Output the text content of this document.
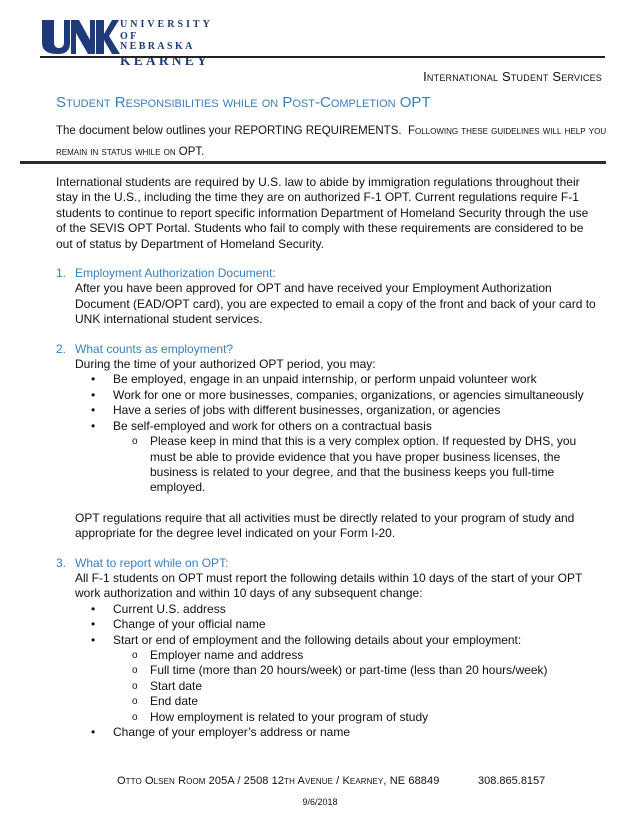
UNIVERSITY
OF NEBRASKA
KEARNEY
International Student Services
Student Responsibilities while on Post-Completion OPT
The document below outlines your REPORTING REQUIREMENTS. Following these guidelines will help you remain in status while on OPT.

International students are required by U.S. law to abide by immigration regulations throughout their stay in the U.S., including the time they are on authorized F-1 OPT. Current regulations require F-1 students to continue to report specific information Department of Homeland Security through the use of the SEVIS OPT Portal. Students who fail to comply with these requirements are considered to be out of status by Department of Homeland Security.

1. Employment Authorization Document:

After you have been approved for OPT and have received your Employment Authorization Document (EAD/OPT card), you are expected to email a copy of the front and back of your card to UNK international student services.

2. What counts as employment?

During the time of your authorized OPT period, you may:

• Be employed, engage in an unpaid internship, or perform unpaid volunteer work
• Work for one or more businesses, companies, organizations, or agencies simultaneously
• Have a series of jobs with different businesses, organization, or agencies
• Be self-employed and work for others on a contractual basis
o Please keep in mind that this is a very complex option. If requested by DHS, you must be able to provide evidence that you have proper business licenses, the business is related to your degree, and that the business keeps you full-time employed.

OPT regulations require that all activities must be directly related to your program of study and appropriate for the degree level indicated on your Form I-20.

3. What to report while on OPT:

All F-1 students on OPT must report the following details within 10 days of the start of your OPT work authorization and within 10 days of any subsequent change:

• Current U.S. address
• Change of your official name
• Start or end of employment and the following details about your employment:
o Employer name and address
o Full time (more than 20 hours/week) or part-time (less than 20 hours/week)
o Start date
o End date
o How employment is related to your program of study
• Change of your employer’s address or name
Otto Olsen Room 205A / 2508 12th Avenue / Kearney, NE 68849	308.865.8157
9/6/2018
